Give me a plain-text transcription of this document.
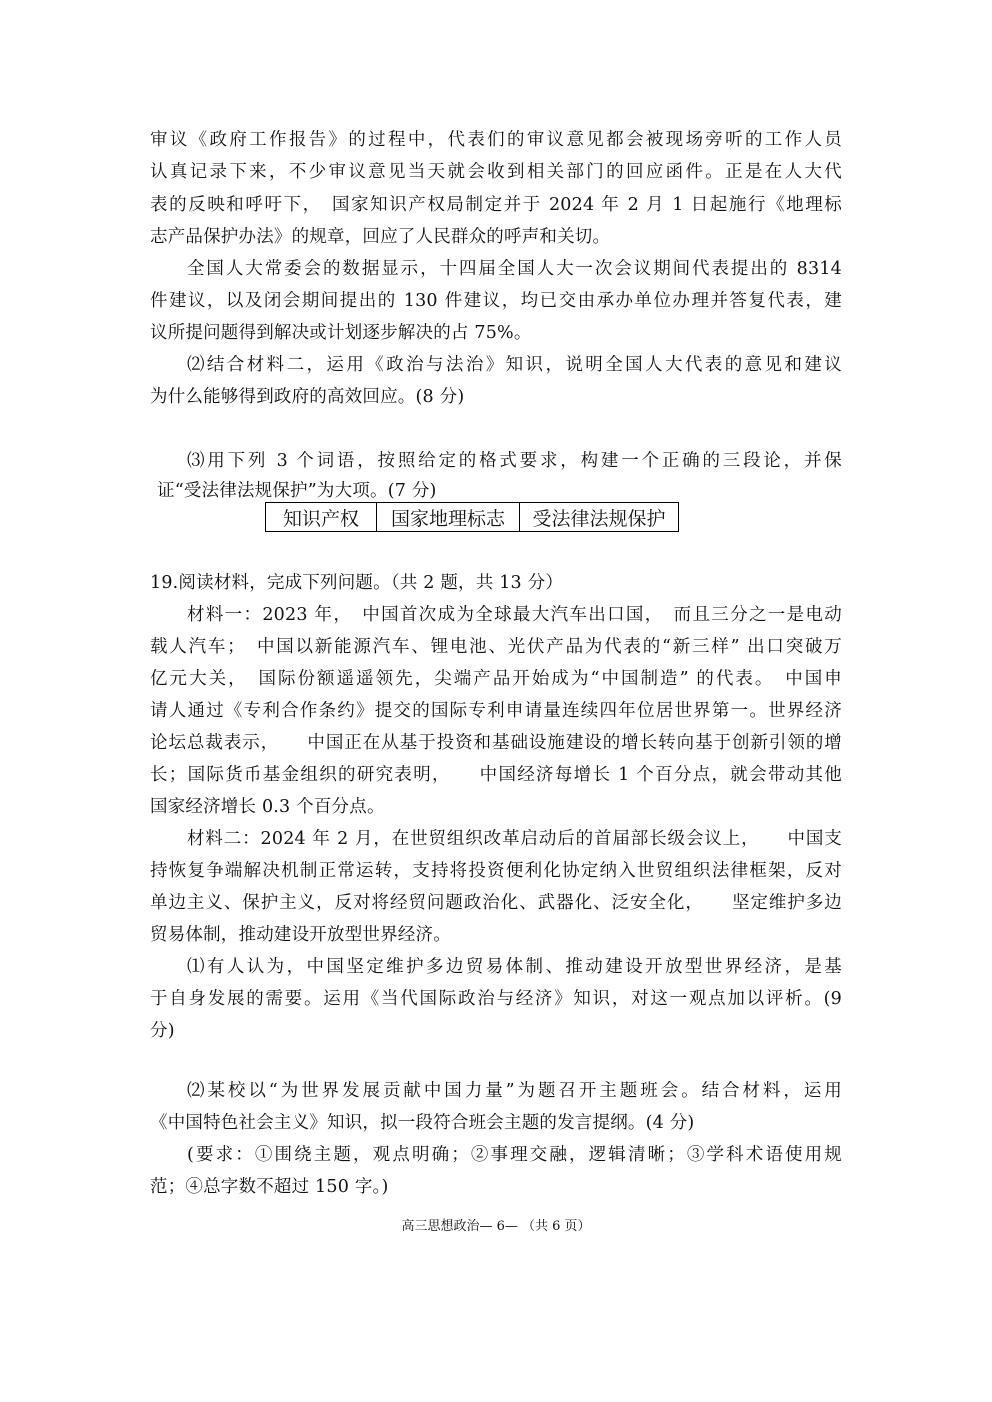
审议《政府工作报告》的过程中，代表们的审议意见都会被现场旁听的工作人员
认真记录下来，不少审议意见当天就会收到相关部门的回应函件。正是在人大代
表的反映和呼吁下，　国家知识产权局制定并于 2024 年 2 月 1 日起施行《地理标
志产品保护办法》的规章，回应了人民群众的呼声和关切。
全国人大常委会的数据显示，十四届全国人大一次会议期间代表提出的 8314
件建议，以及闭会期间提出的 130 件建议，均已交由承办单位办理并答复代表，建
议所提问题得到解决或计划逐步解决的占 75%。
⑵结合材料二，运用《政治与法治》知识，说明全国人大代表的意见和建议
为什么能够得到政府的高效回应。(8 分)
⑶用下列 3 个词语，按照给定的格式要求，构建一个正确的三段论，并保
证“受法律法规保护”为大项。(7 分)
知识产权	国家地理标志	受法律法规保护
19.阅读材料，完成下列问题。（共 2 题，共 13 分）
材料一：2023 年，　中国首次成为全球最大汽车出口国，　而且三分之一是电动
载人汽车；　中国以新能源汽车、锂电池、光伏产品为代表的“新三样” 出口突破万
亿元大关，　国际份额遥遥领先，尖端产品开始成为“中国制造” 的代表。　中国申
请人通过《专利合作条约》提交的国际专利申请量连续四年位居世界第一。世界经济
论坛总裁表示，　　中国正在从基于投资和基础设施建设的增长转向基于创新引领的增
长；国际货币基金组织的研究表明，　　中国经济每增长 1 个百分点，就会带动其他
国家经济增长 0.3 个百分点。
材料二：2024 年 2 月，在世贸组织改革启动后的首届部长级会议上，　　中国支
持恢复争端解决机制正常运转，支持将投资便利化协定纳入世贸组织法律框架，反对
单边主义、保护主义，反对将经贸问题政治化、武器化、泛安全化，　　坚定维护多边
贸易体制，推动建设开放型世界经济。
⑴有人认为，中国坚定维护多边贸易体制、推动建设开放型世界经济，是基
于自身发展的需要。运用《当代国际政治与经济》知识，对这一观点加以评析。(9
分)
⑵某校以“为世界发展贡献中国力量”为题召开主题班会。结合材料，运用
《中国特色社会主义》知识，拟一段符合班会主题的发言提纲。(4 分)
(要求：①围绕主题，观点明确；②事理交融，逻辑清晰；③学科术语使用规
范；④总字数不超过 150 字。)
高三思想政治— 6— （共 6 页）
